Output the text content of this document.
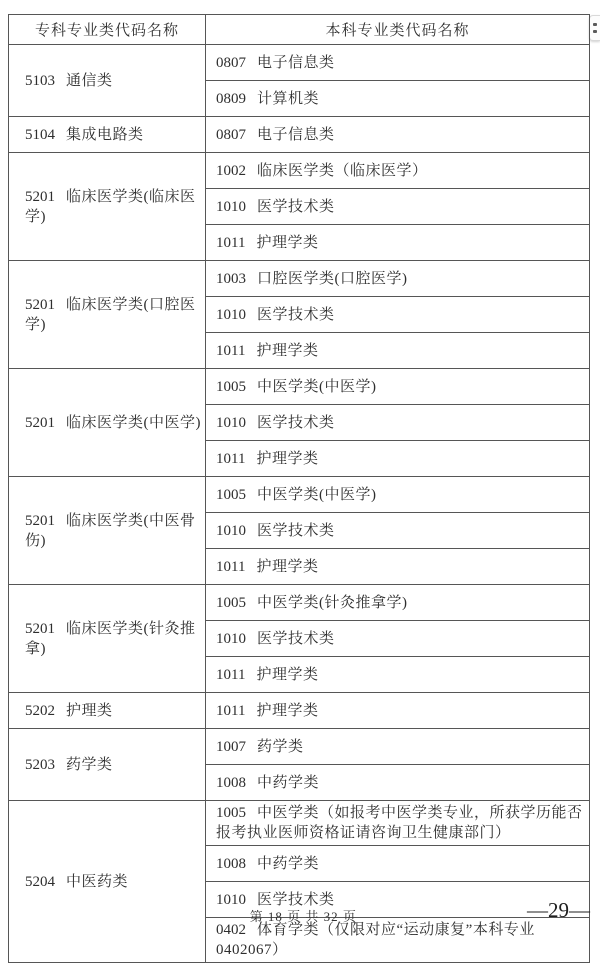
专科专业类代码名称	本科专业类代码名称
5103 通信类	0807 电子信息类
	0809 计算机类
5104 集成电路类	0807 电子信息类
5201 临床医学类(临床医学)	1002 临床医学类（临床医学）
	1010 医学技术类
	1011 护理学类
5201 临床医学类(口腔医学)	1003 口腔医学类(口腔医学)
	1010 医学技术类
	1011 护理学类
5201 临床医学类(中医学)	1005 中医学类(中医学)
	1010 医学技术类
	1011 护理学类
5201 临床医学类(中医骨伤)	1005 中医学类(中医学)
	1010 医学技术类
	1011 护理学类
5201 临床医学类(针灸推拿)	1005 中医学类(针灸推拿学)
	1010 医学技术类
	1011 护理学类
5202 护理类	1011 护理学类
5203 药学类	1007 药学类
	1008 中药学类
5204 中医药类	1005 中医学类（如报考中医学类专业，所获学历能否报考执业医师资格证请咨询卫生健康部门）
	1008 中药学类
	1010 医学技术类
	0402 体育学类（仅限对应“运动康复”本科专业0402067）
第 18 页 共 32 页	—29—
